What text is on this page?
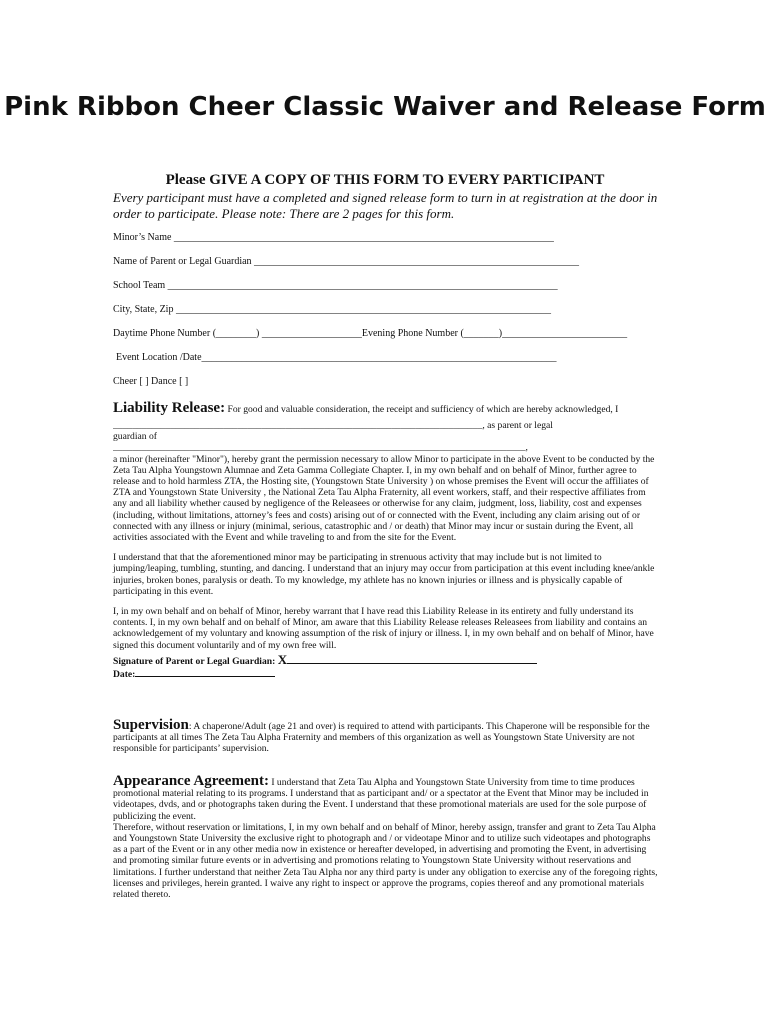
Pink Ribbon Cheer Classic Waiver and Release Form

Please GIVE A COPY OF THIS FORM TO EVERY PARTICIPANT

Every participant must have a completed and signed release form to turn in at registration at the door in order to participate. Please note: There are 2 pages for this form.

Minor’s Name ____________________________________________________________________________
Name of Parent or Legal Guardian _________________________________________________________________
School Team ______________________________________________________________________________
City, State, Zip ___________________________________________________________________________
Daytime Phone Number (________) ____________________Evening Phone Number (_______)_________________________
Event Location /Date_______________________________________________________________________
Cheer [ ] Dance [ ]
Liability Release: For good and valuable consideration, the receipt and sufficiency of which are hereby acknowledged, I
_____________________________________________________________________________, as parent or legal
guardian of
______________________________________________________________________________________,

a minor (hereinafter "Minor"), hereby grant the permission necessary to allow Minor to participate in the above Event to be conducted by the Zeta Tau Alpha Youngstown Alumnae and Zeta Gamma Collegiate Chapter. I, in my own behalf and on behalf of Minor, further agree to release and to hold harmless ZTA, the Hosting site, (Youngstown State University ) on whose premises the Event will occur the affiliates of ZTA and Youngstown State University , the National Zeta Tau Alpha Fraternity, all event workers, staff, and their respective affiliates from any and all liability whether caused by negligence of the Releasees or otherwise for any claim, judgment, loss, liability, cost and expenses (including, without limitations, attorney’s fees and costs) arising out of or connected with the Event, including any claim arising out of or connected with any illness or injury (minimal, serious, catastrophic and / or death) that Minor may incur or sustain during the Event, all activities associated with the Event and while traveling to and from the site for the Event.

I understand that that the aforementioned minor may be participating in strenuous activity that may include but is not limited to jumping/leaping, tumbling, stunting, and dancing. I understand that an injury may occur from participation at this event including knee/ankle injuries, broken bones, paralysis or death. To my knowledge, my athlete has no known injuries or illness and is physically capable of participating in this event.

I, in my own behalf and on behalf of Minor, hereby warrant that I have read this Liability Release in its entirety and fully understand its contents. I, in my own behalf and on behalf of Minor, am aware that this Liability Release releases Releasees from liability and contains an acknowledgement of my voluntary and knowing assumption of the risk of injury or illness. I, in my own behalf and on behalf of Minor, have signed this document voluntarily and of my own free will.

Signature of Parent or Legal Guardian: X
Date:
Supervision: A chaperone/Adult (age 21 and over) is required to attend with participants. This Chaperone will be responsible for the participants at all times The Zeta Tau Alpha Fraternity and members of this organization as well as Youngstown State University are not responsible for participants’ supervision.
Appearance Agreement: I understand that Zeta Tau Alpha and Youngstown State University from time to time produces promotional material relating to its programs. I understand that as participant and/ or a spectator at the Event that Minor may be included in videotapes, dvds, and or photographs taken during the Event. I understand that these promotional materials are used for the sole purpose of publicizing the event.

Therefore, without reservation or limitations, I, in my own behalf and on behalf of Minor, hereby assign, transfer and grant to Zeta Tau Alpha and Youngstown State University the exclusive right to photograph and / or videotape Minor and to utilize such videotapes and photographs as a part of the Event or in any other media now in existence or hereafter developed, in advertising and promoting the Event, in advertising and promoting similar future events or in advertising and promotions relating to Youngstown State University without reservations and limitations. I further understand that neither Zeta Tau Alpha nor any third party is under any obligation to exercise any of the foregoing rights, licenses and privileges, herein granted. I waive any right to inspect or approve the programs, copies thereof and any promotional materials related thereto.
